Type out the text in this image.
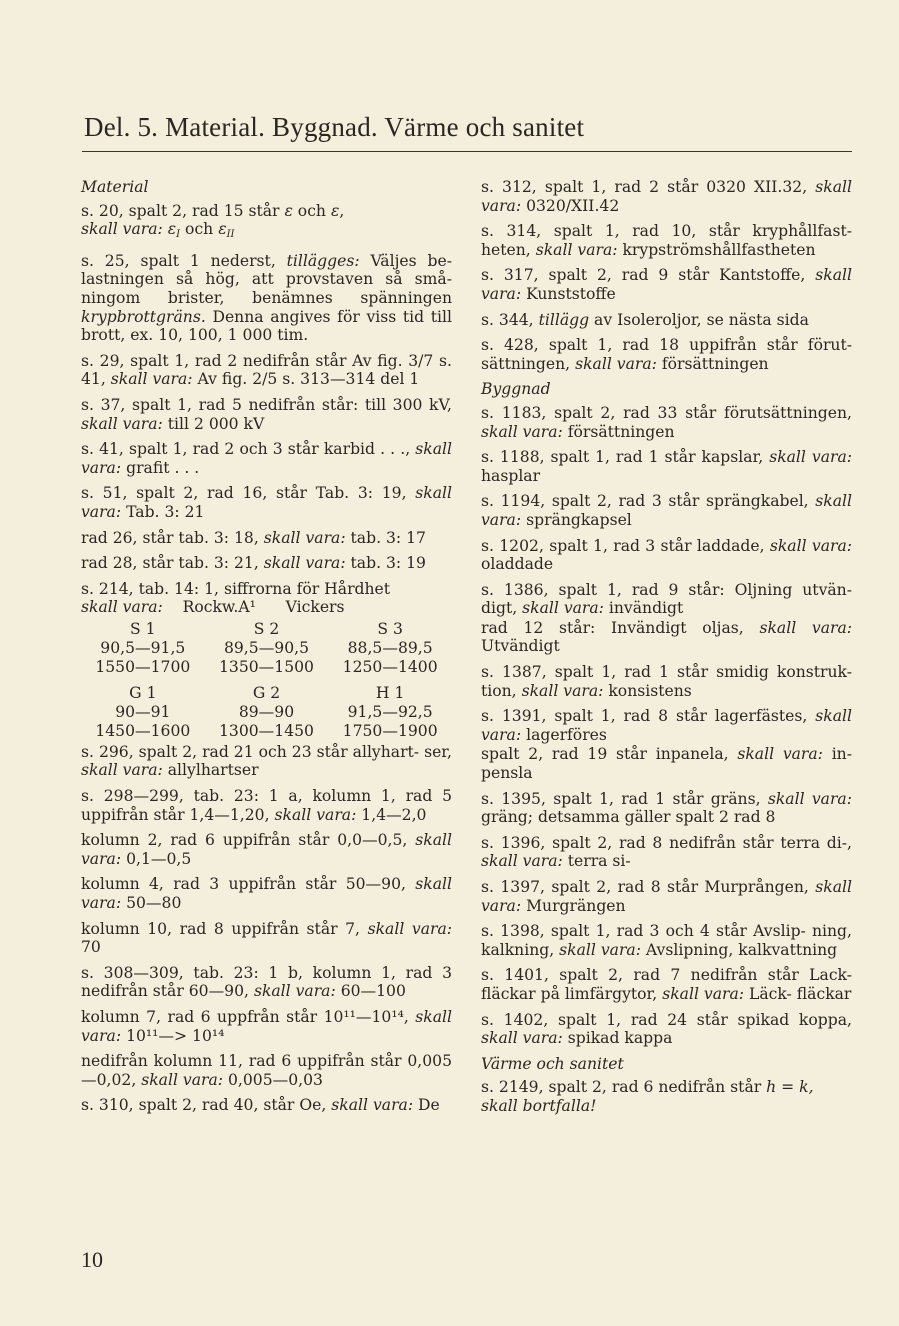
Del. 5. Material. Byggnad. Värme och sanitet
Material

s. 20, spalt 2, rad 15 står ε och ε,
skall vara: $\varepsilon_I$ och $\varepsilon_{II}$

s. 25, spalt 1 nederst, tillägges: Väljes be- lastningen så hög, att provstaven så små- ningom brister, benämnes spänningen krypbrottgräns. Denna angives för viss tid till brott, ex. 10, 100, 1 000 tim.

s. 29, spalt 1, rad 2 nedifrån står Av fig. 3/7 s. 41, skall vara: Av fig. 2/5 s. 313—314 del 1

s. 37, spalt 1, rad 5 nedifrån står: till 300 kV, skall vara: till 2 000 kV

s. 41, spalt 1, rad 2 och 3 står karbid . . ., skall vara: grafit . . .

s. 51, spalt 2, rad 16, står Tab. 3: 19, skall vara: Tab. 3: 21

rad 26, står tab. 3: 18, skall vara: tab. 3: 17

rad 28, står tab. 3: 21, skall vara: tab. 3: 19

s. 214, tab. 14: 1, siffrorna för Hårdhet
skall vara: Rockw.A¹ Vickers

S 1	S 2	S 3
90,5—91,5	89,5—90,5	88,5—89,5
1550—1700	1350—1500	1250—1400
G 1	G 2	H 1
90—91	89—90	91,5—92,5
1450—1600	1300—1450	1750—1900

s. 296, spalt 2, rad 21 och 23 står allyhart- ser, skall vara: allylhartser

s. 298—299, tab. 23: 1 a, kolumn 1, rad 5 uppifrån står 1,4—1,20, skall vara: 1,4—2,0

kolumn 2, rad 6 uppifrån står 0,0—0,5, skall vara: 0,1—0,5

kolumn 4, rad 3 uppifrån står 50—90, skall vara: 50—80

kolumn 10, rad 8 uppifrån står 7, skall vara: 70

s. 308—309, tab. 23: 1 b, kolumn 1, rad 3 nedifrån står 60—90, skall vara: 60—100

kolumn 7, rad 6 uppfrån står 10¹¹—10¹⁴, skall vara: 10¹¹—> 10¹⁴

nedifrån kolumn 11, rad 6 uppifrån står 0,005—0,02, skall vara: 0,005—0,03

s. 310, spalt 2, rad 40, står Oe, skall vara: De

s. 312, spalt 1, rad 2 står 0320 XII.32, skall vara: 0320/XII.42

s. 314, spalt 1, rad 10, står kryphållfast- heten, skall vara: krypströmshållfastheten

s. 317, spalt 2, rad 9 står Kantstoffe, skall vara: Kunststoffe

s. 344, tillägg av Isoleroljor, se nästa sida

s. 428, spalt 1, rad 18 uppifrån står förut- sättningen, skall vara: försättningen

Byggnad

s. 1183, spalt 2, rad 33 står förutsättningen, skall vara: försättningen

s. 1188, spalt 1, rad 1 står kapslar, skall vara: hasplar

s. 1194, spalt 2, rad 3 står sprängkabel, skall vara: sprängkapsel

s. 1202, spalt 1, rad 3 står laddade, skall vara: oladdade

s. 1386, spalt 1, rad 9 står: Oljning utvän- digt, skall vara: invändigt

rad 12 står: Invändigt oljas, skall vara: Utvändigt

s. 1387, spalt 1, rad 1 står smidig konstruk- tion, skall vara: konsistens

s. 1391, spalt 1, rad 8 står lagerfästes, skall vara: lagerföres

spalt 2, rad 19 står inpanela, skall vara: in- pensla

s. 1395, spalt 1, rad 1 står gräns, skall vara: gräng; detsamma gäller spalt 2 rad 8

s. 1396, spalt 2, rad 8 nedifrån står terra di-, skall vara: terra si-

s. 1397, spalt 2, rad 8 står Murprången, skall vara: Murgrängen

s. 1398, spalt 1, rad 3 och 4 står Avslip- ning, kalkning, skall vara: Avslipning, kalkvattning

s. 1401, spalt 2, rad 7 nedifrån står Lack- fläckar på limfärgytor, skall vara: Läck- fläckar

s. 1402, spalt 1, rad 24 står spikad koppa, skall vara: spikad kappa

Värme och sanitet

s. 2149, spalt 2, rad 6 nedifrån står h = k,
skall bortfalla!

10
